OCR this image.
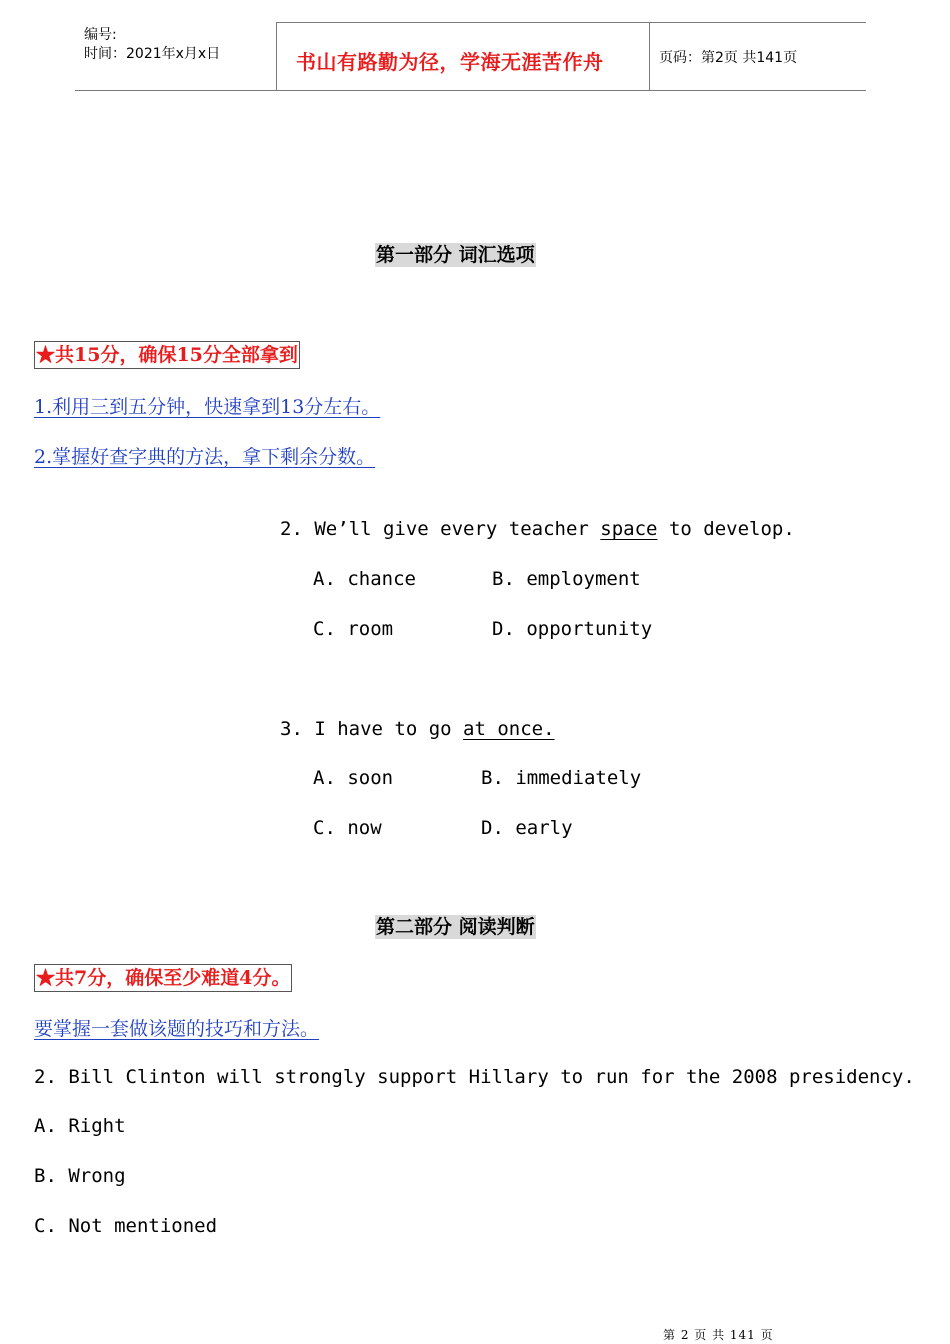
编号:
时间：2021年x月x日	书山有路勤为径，学海无涯苦作舟	页码：第2页 共141页
第一部分 词汇选项
★共15分，确保15分全部拿到
1.利用三到五分钟，快速拿到13分左右。
2.掌握好查字典的方法，拿下剩余分数。
2. We’ll give every teacher space to develop.
A. chance	B. employment
C. room	D. opportunity
3. I have to go at once.
A. soon	B. immediately
C. now	D. early
第二部分 阅读判断
★共7分，确保至少难道4分。
要掌握一套做该题的技巧和方法。
2. Bill Clinton will strongly support Hillary to run for the 2008 presidency.
A. Right
B. Wrong
C. Not mentioned
第 2 页 共 141 页
